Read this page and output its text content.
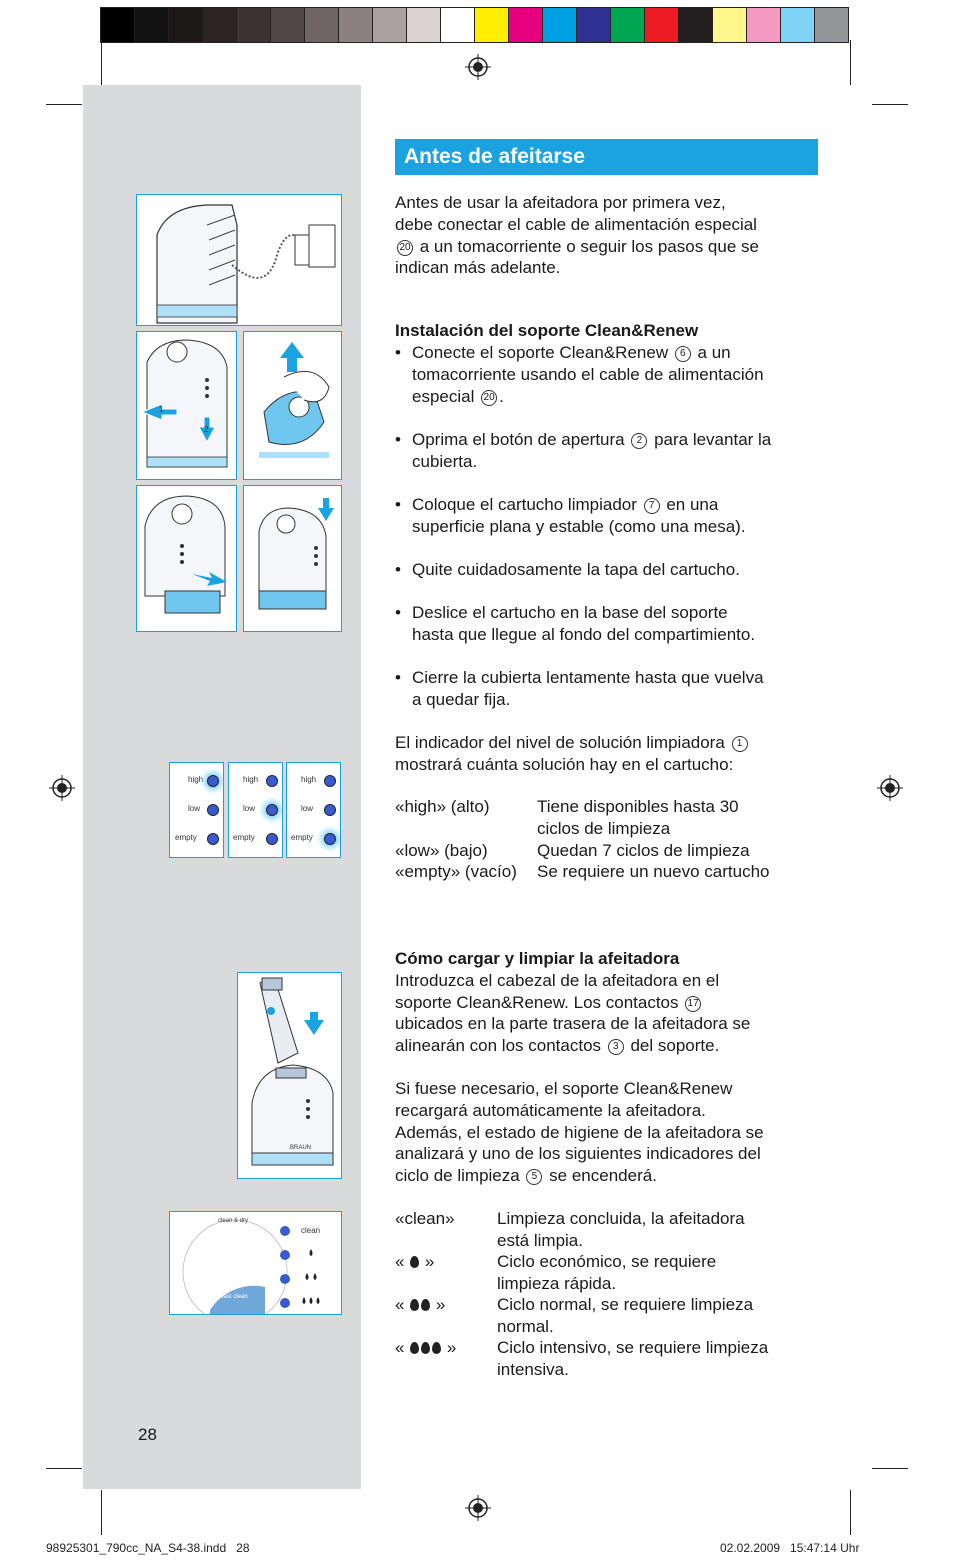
1
2
high
low
empty
high
low
empty
high
low
empty
BRAUN
clean
clean & dry
fast clean
Antes de afeitarse
Antes de usar la afeitadora por primera vez,
debe conectar el cable de alimentación especial
20 a un tomacorriente o seguir los pasos que se
indican más adelante.
Instalación del soporte Clean&Renew
• Conecte el soporte Clean&Renew 6 a un
tomacorriente usando el cable de alimentación
especial 20 .
• Oprima el botón de apertura 2 para levantar la
cubierta.
• Coloque el cartucho limpiador 7 en una
superficie plana y estable (como una mesa).
• Quite cuidadosamente la tapa del cartucho.
• Deslice el cartucho en la base del soporte
hasta que llegue al fondo del compartimiento.
• Cierre la cubierta lentamente hasta que vuelva
a quedar fija.
El indicador del nivel de solución limpiadora 1
mostrará cuánta solución hay en el cartucho:
«high» (alto)	Tiene disponibles hasta 30
ciclos de limpieza
«low» (bajo)	Quedan 7 ciclos de limpieza
«empty» (vacío) Se requiere un nuevo cartucho
Cómo cargar y limpiar la afeitadora
Introduzca el cabezal de la afeitadora en el
soporte Clean&Renew. Los contactos 17
ubicados en la parte trasera de la afeitadora se
alinearán con los contactos 3 del soporte.
Si fuese necesario, el soporte Clean&Renew
recargará automáticamente la afeitadora.
Además, el estado de higiene de la afeitadora se
analizará y uno de los siguientes indicadores del
ciclo de limpieza 5 se encenderá.
«clean» Limpieza concluida, la afeitadora
está limpia.
«  »	Ciclo económico, se requiere
limpieza rápida.
«  »	Ciclo normal, se requiere limpieza
normal.
«  » Ciclo intensivo, se requiere limpieza
intensiva.
28
98925301_790cc_NA_S4-38.indd   28	02.02.2009   15:47:14 Uhr
